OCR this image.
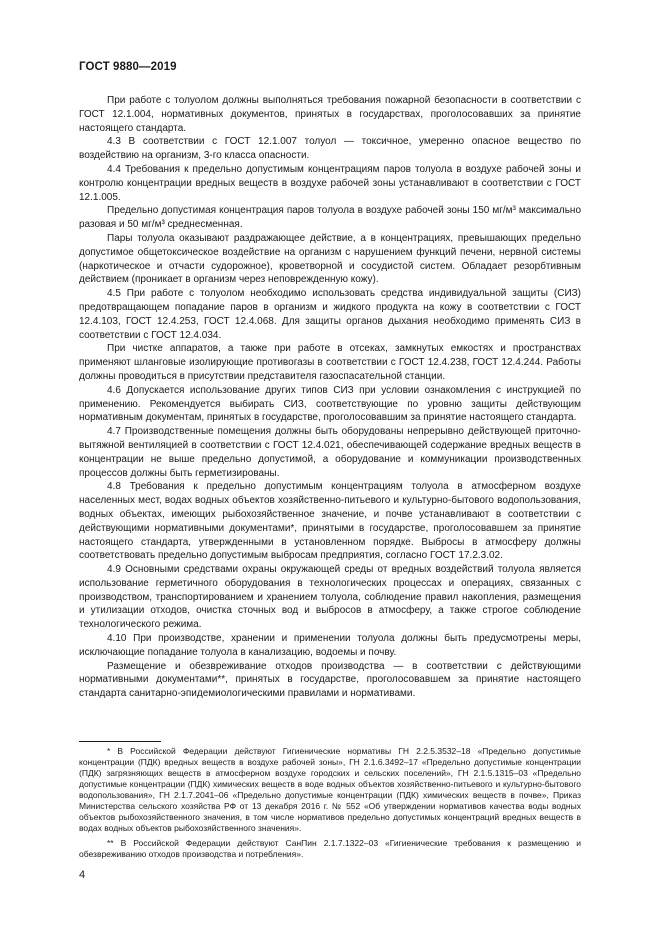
ГОСТ 9880—2019

При работе с толуолом должны выполняться требования пожарной безопасности в соответствии с ГОСТ 12.1.004, нормативных документов, принятых в государствах, проголосовавших за принятие настоящего стандарта.

4.3 В соответствии с ГОСТ 12.1.007 толуол — токсичное, умеренно опасное вещество по воздействию на организм, 3-го класса опасности.

4.4 Требования к предельно допустимым концентрациям паров толуола в воздухе рабочей зоны и контролю концентрации вредных веществ в воздухе рабочей зоны устанавливают в соответствии с ГОСТ 12.1.005.

Предельно допустимая концентрация паров толуола в воздухе рабочей зоны 150 мг/м³ максимально разовая и 50 мг/м³ среднесменная.

Пары толуола оказывают раздражающее действие, а в концентрациях, превышающих предельно допустимое общетоксическое воздействие на организм с нарушением функций печени, нервной системы (наркотическое и отчасти судорожное), кроветворной и сосудистой систем. Обладает резорбтивным действием (проникает в организм через неповрежденную кожу).

4.5 При работе с толуолом необходимо использовать средства индивидуальной защиты (СИЗ) предотвращающем попадание паров в организм и жидкого продукта на кожу в соответствии с ГОСТ 12.4.103, ГОСТ 12.4.253, ГОСТ 12.4.068. Для защиты органов дыхания необходимо применять СИЗ в соответствии с ГОСТ 12.4.034.

При чистке аппаратов, а также при работе в отсеках, замкнутых емкостях и пространствах применяют шланговые изолирующие противогазы в соответствии с ГОСТ 12.4.238, ГОСТ 12.4.244. Работы должны проводиться в присутствии представителя газоспасательной станции.

4.6 Допускается использование других типов СИЗ при условии ознакомления с инструкцией по применению. Рекомендуется выбирать СИЗ, соответствующие по уровню защиты действующим нормативным документам, принятых в государстве, проголосовавшим за принятие настоящего стандарта.

4.7 Производственные помещения должны быть оборудованы непрерывно действующей приточно-вытяжной вентиляцией в соответствии с ГОСТ 12.4.021, обеспечивающей содержание вредных веществ в концентрации не выше предельно допустимой, а оборудование и коммуникации производственных процессов должны быть герметизированы.

4.8 Требования к предельно допустимым концентрациям толуола в атмосферном воздухе населенных мест, водах водных объектов хозяйственно-питьевого и культурно-бытового водопользования, водных объектах, имеющих рыбохозяйственное значение, и почве устанавливают в соответствии с действующими нормативными документами*, принятыми в государстве, проголосовавшем за принятие настоящего стандарта, утвержденными в установленном порядке. Выбросы в атмосферу должны соответствовать предельно допустимым выбросам предприятия, согласно ГОСТ 17.2.3.02.

4.9 Основными средствами охраны окружающей среды от вредных воздействий толуола является использование герметичного оборудования в технологических процессах и операциях, связанных с производством, транспортированием и хранением толуола, соблюдение правил накопления, размещения и утилизации отходов, очистка сточных вод и выбросов в атмосферу, а также строгое соблюдение технологического режима.

4.10 При производстве, хранении и применении толуола должны быть предусмотрены меры, исключающие попадание толуола в канализацию, водоемы и почву.

Размещение и обезвреживание отходов производства — в соответствии с действующими нормативными документами**, принятых в государстве, проголосовавшем за принятие настоящего стандарта санитарно-эпидемиологическими правилами и нормативами.

* В Российской Федерации действуют Гигиенические нормативы ГН 2.2.5.3532–18 «Предельно допустимые концентрации (ПДК) вредных веществ в воздухе рабочей зоны», ГН 2.1.6.3492–17 «Предельно допустимые концентрации (ПДК) загрязняющих веществ в атмосферном воздухе городских и сельских поселений», ГН 2.1.5.1315–03 «Предельно допустимые концентрации (ПДК) химических веществ в воде водных объектов хозяйственно-питьевого и культурно-бытового водопользования», ГН 2.1.7.2041–06 «Предельно допустимые концентрации (ПДК) химических веществ в почве», Приказ Министерства сельского хозяйства РФ от 13 декабря 2016 г. № 552 «Об утверждении нормативов качества воды водных объектов рыбохозяйственного значения, в том числе нормативов предельно допустимых концентраций вредных веществ в водах водных объектов рыбохозяйственного значения».

** В Российской Федерации действуют СанПин 2.1.7.1322–03 «Гигиенические требования к размещению и обезвреживанию отходов производства и потребления».

4
